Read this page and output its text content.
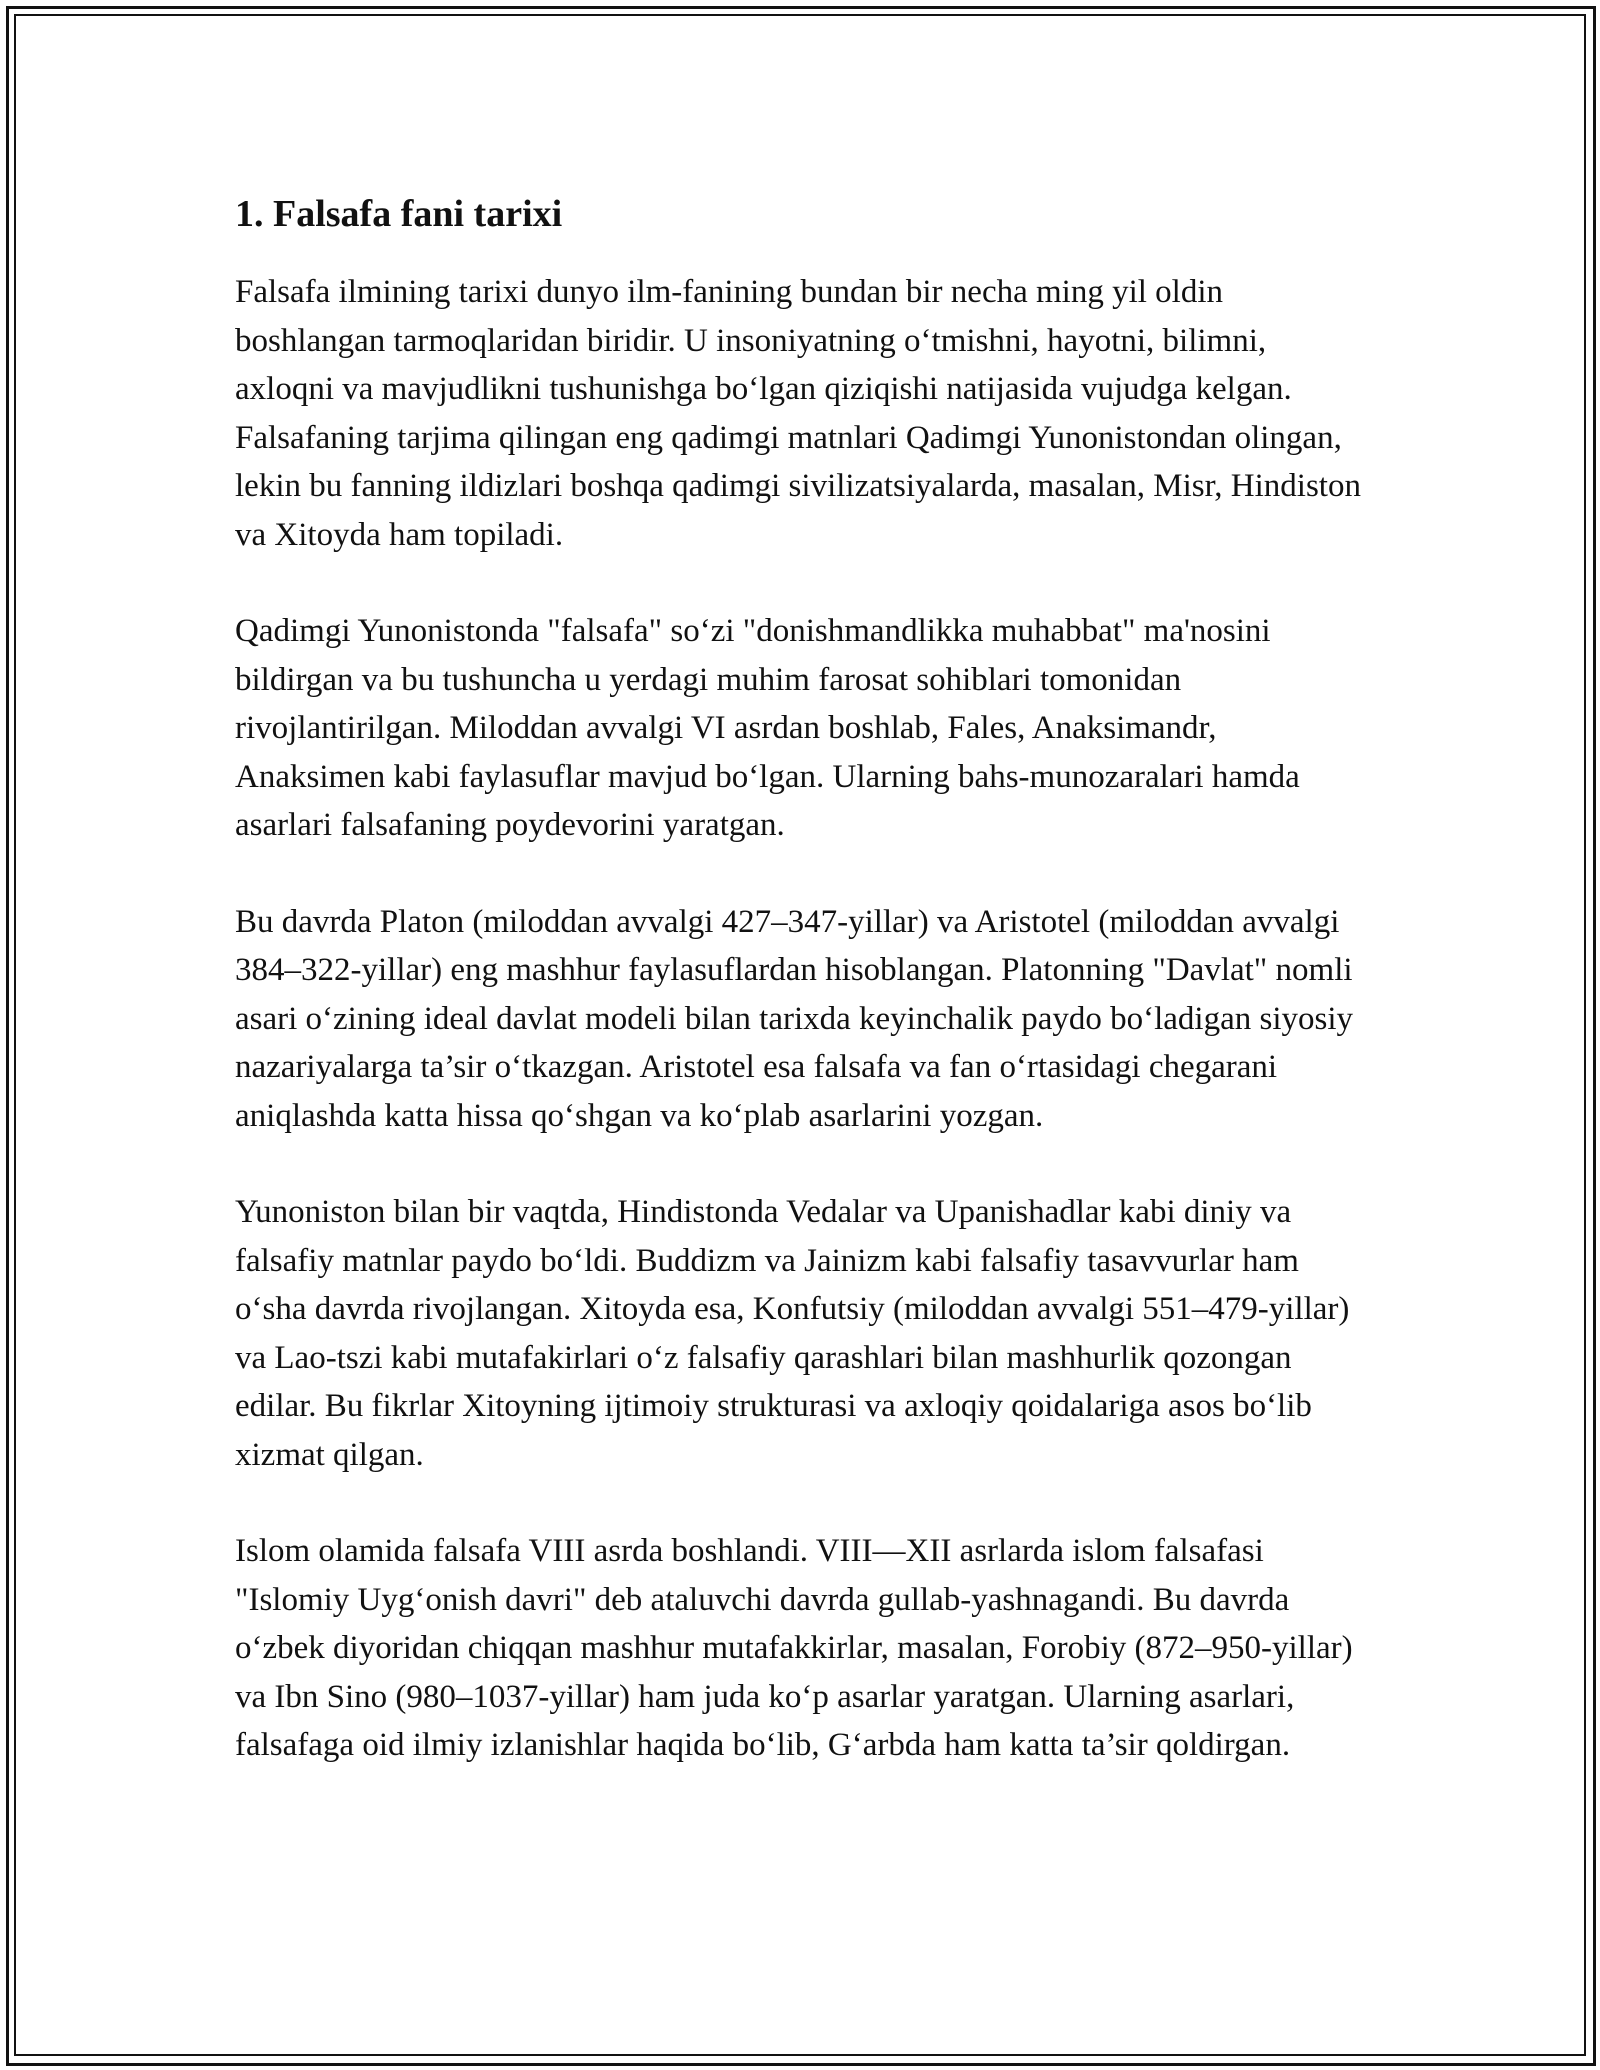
1. Falsafa fani tarixi

Falsafa ilmining tarixi dunyo ilm-fanining bundan bir necha ming yil oldin boshlangan tarmoqlaridan biridir. U insoniyatning o‘tmishni, hayotni, bilimni, axloqni va mavjudlikni tushunishga bo‘lgan qiziqishi natijasida vujudga kelgan. Falsafaning tarjima qilingan eng qadimgi matnlari Qadimgi Yunonistondan olingan, lekin bu fanning ildizlari boshqa qadimgi sivilizatsiyalarda, masalan, Misr, Hindiston va Xitoyda ham topiladi.

Qadimgi Yunonistonda "falsafa" so‘zi "donishmandlikka muhabbat" ma'nosini bildirgan va bu tushuncha u yerdagi muhim farosat sohiblari tomonidan rivojlantirilgan. Miloddan avvalgi VI asrdan boshlab, Fales, Anaksimandr, Anaksimen kabi faylasuflar mavjud bo‘lgan. Ularning bahs-munozaralari hamda asarlari falsafaning poydevorini yaratgan.

Bu davrda Platon (miloddan avvalgi 427–347-yillar) va Aristotel (miloddan avvalgi 384–322-yillar) eng mashhur faylasuflardan hisoblangan. Platonning "Davlat" nomli asari o‘zining ideal davlat modeli bilan tarixda keyinchalik paydo bo‘ladigan siyosiy nazariyalarga ta’sir o‘tkazgan. Aristotel esa falsafa va fan o‘rtasidagi chegarani aniqlashda katta hissa qo‘shgan va ko‘plab asarlarini yozgan.

Yunoniston bilan bir vaqtda, Hindistonda Vedalar va Upanishadlar kabi diniy va falsafiy matnlar paydo bo‘ldi. Buddizm va Jainizm kabi falsafiy tasavvurlar ham o‘sha davrda rivojlangan. Xitoyda esa, Konfutsiy (miloddan avvalgi 551–479-yillar) va Lao-tszi kabi mutafakirlari o‘z falsafiy qarashlari bilan mashhurlik qozongan edilar. Bu fikrlar Xitoyning ijtimoiy strukturasi va axloqiy qoidalariga asos bo‘lib xizmat qilgan.

Islom olamida falsafa VIII asrda boshlandi. VIII—XII asrlarda islom falsafasi "Islomiy Uyg‘onish davri" deb ataluvchi davrda gullab-yashnagandi. Bu davrda o‘zbek diyoridan chiqqan mashhur mutafakkirlar, masalan, Forobiy (872–950-yillar) va Ibn Sino (980–1037-yillar) ham juda ko‘p asarlar yaratgan. Ularning asarlari, falsafaga oid ilmiy izlanishlar haqida bo‘lib, G‘arbda ham katta ta’sir qoldirgan.
